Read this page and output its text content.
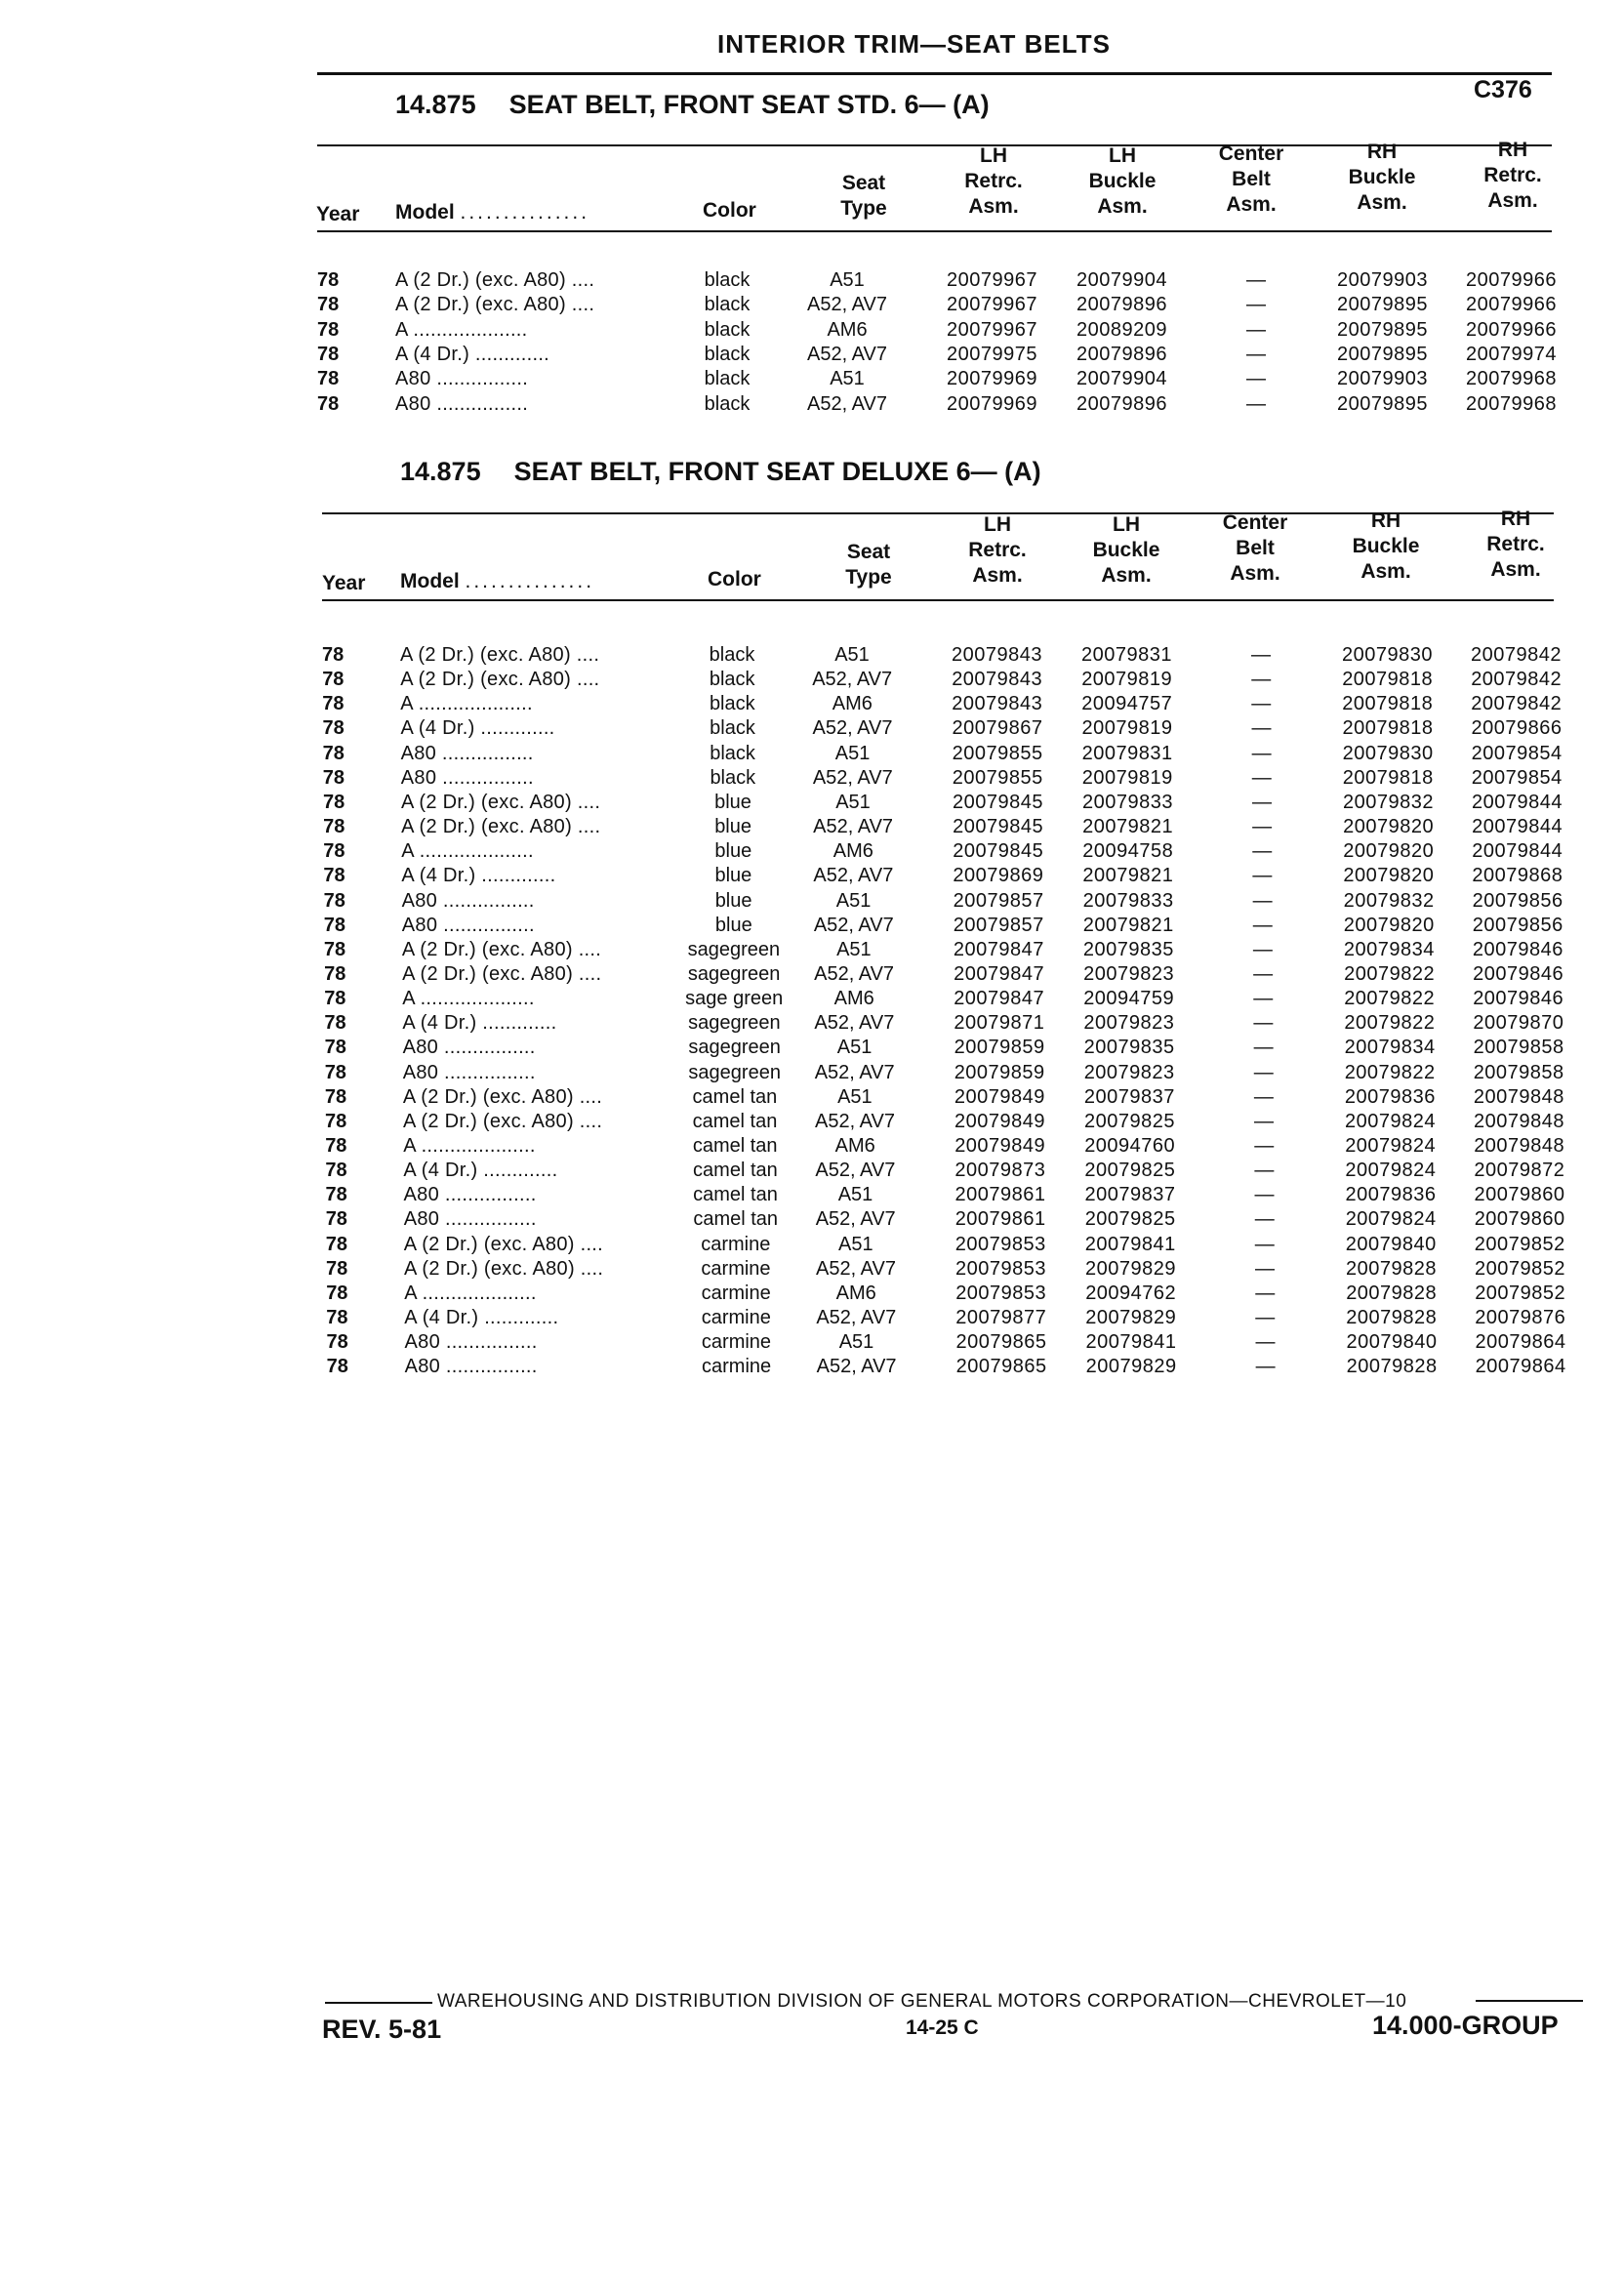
INTERIOR TRIM—SEAT BELTS
14.875 SEAT BELT, FRONT SEAT STD. 6— (A)	C376
Year Model ...............	Color
Seat
Type
LH
Retrc.
Asm.
LH
Buckle
Asm.
Center
Belt
Asm.
RH
Buckle
Asm.
RH
Retrc.
Asm.
78	A (2 Dr.) (exc. A80) ....	black	A51	20079967 20079904	—	20079903 20079966
78	A (2 Dr.) (exc. A80) ....	black	A52, AV7	20079967 20079896	—	20079895 20079966
78	A ....................	black	AM6	20079967 20089209	—	20079895 20079966
78	A (4 Dr.) .............	black	A52, AV7	20079975 20079896	—	20079895 20079974
78	A80 ................	black	A51	20079969 20079904	—	20079903 20079968
78	A80 ................	black	A52, AV7	20079969 20079896	—	20079895 20079968
14.875 SEAT BELT, FRONT SEAT DELUXE 6— (A)
Year Model ...............	Color
Seat
Type
LH
Retrc.
Asm.
LH
Buckle
Asm.
Center
Belt
Asm.
RH
Buckle
Asm.
RH
Retrc.
Asm.
78	A (2 Dr.) (exc. A80) ....	black	A51	20079843 20079831	—	20079830 20079842
78	A (2 Dr.) (exc. A80) ....	black	A52, AV7	20079843 20079819	—	20079818 20079842
78	A ....................	black	AM6	20079843 20094757	—	20079818 20079842
78	A (4 Dr.) .............	black	A52, AV7	20079867 20079819	—	20079818 20079866
78	A80 ................	black	A51	20079855 20079831	—	20079830 20079854
78	A80 ................	black	A52, AV7	20079855 20079819	—	20079818 20079854
78	A (2 Dr.) (exc. A80) ....	blue	A51	20079845 20079833	—	20079832 20079844
78	A (2 Dr.) (exc. A80) ....	blue	A52, AV7	20079845 20079821	—	20079820 20079844
78	A ....................	blue	AM6	20079845 20094758	—	20079820 20079844
78	A (4 Dr.) .............	blue	A52, AV7	20079869 20079821	—	20079820 20079868
78	A80 ................	blue	A51	20079857 20079833	—	20079832 20079856
78	A80 ................	blue	A52, AV7	20079857 20079821	—	20079820 20079856
78	A (2 Dr.) (exc. A80) ....	sagegreen	A51	20079847 20079835	—	20079834 20079846
78	A (2 Dr.) (exc. A80) ....	sagegreen	A52, AV7	20079847 20079823	—	20079822 20079846
78	A ....................	sage green	AM6	20079847 20094759	—	20079822 20079846
78	A (4 Dr.) .............	sagegreen	A52, AV7	20079871 20079823	—	20079822 20079870
78	A80 ................	sagegreen	A51	20079859 20079835	—	20079834 20079858
78	A80 ................	sagegreen	A52, AV7	20079859 20079823	—	20079822 20079858
78	A (2 Dr.) (exc. A80) ....	camel tan	A51	20079849 20079837	—	20079836 20079848
78	A (2 Dr.) (exc. A80) ....	camel tan	A52, AV7	20079849 20079825	—	20079824 20079848
78	A ....................	camel tan	AM6	20079849 20094760	—	20079824 20079848
78	A (4 Dr.) .............	camel tan	A52, AV7	20079873 20079825	—	20079824 20079872
78	A80 ................	camel tan	A51	20079861 20079837	—	20079836 20079860
78	A80 ................	camel tan	A52, AV7	20079861 20079825	—	20079824 20079860
78	A (2 Dr.) (exc. A80) ....	carmine	A51	20079853 20079841	—	20079840 20079852
78	A (2 Dr.) (exc. A80) ....	carmine	A52, AV7	20079853 20079829	—	20079828 20079852
78	A ....................	carmine	AM6	20079853 20094762	—	20079828 20079852
78	A (4 Dr.) .............	carmine	A52, AV7	20079877 20079829	—	20079828 20079876
78	A80 ................	carmine	A51	20079865 20079841	—	20079840 20079864
78	A80 ................	carmine	A52, AV7	20079865 20079829	—	20079828 20079864
WAREHOUSING AND DISTRIBUTION DIVISION OF GENERAL MOTORS CORPORATION—CHEVROLET—10
REV. 5-81	14-25 C	14.000-GROUP
